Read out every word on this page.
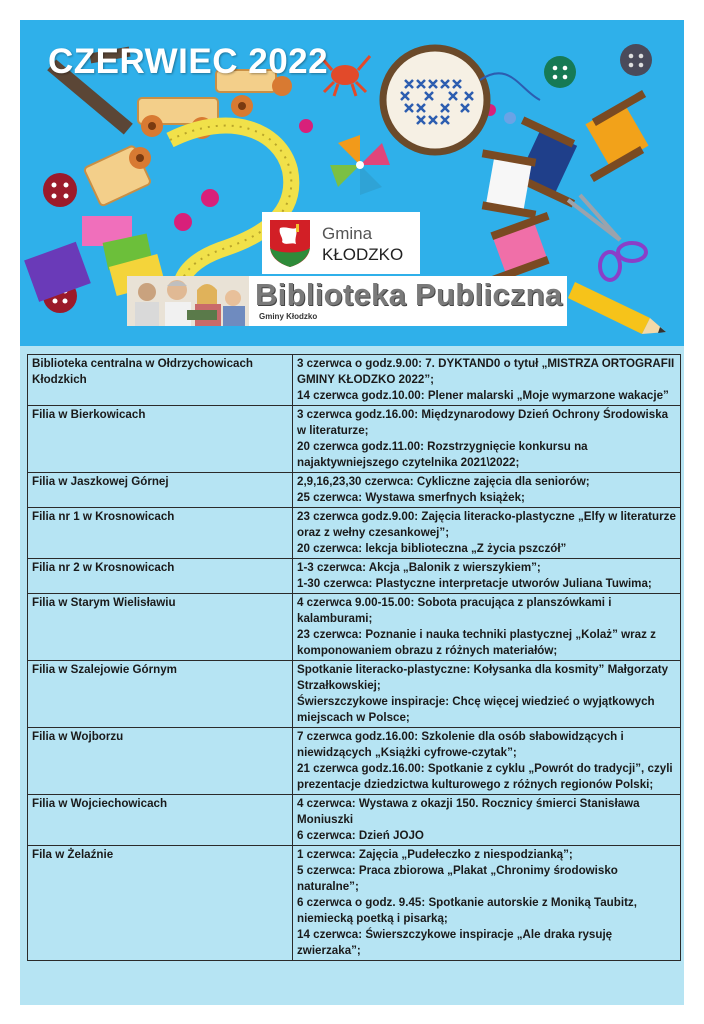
CZERWIEC 2022
Gmina
KŁODZKO
Biblioteka Publiczna
Gminy Kłodzko
Biblioteka centralna w Ołdrzychowicach Kłodzkich	3 czerwca o godz.9.00: 7. DYKTAND0 o tytuł „MISTRZA ORTOGRAFII GMINY KŁODZKO 2022”;
14 czerwca godz.10.00: Plener malarski „Moje wymarzone wakacje”

Filia w Bierkowicach	3 czerwca godz.16.00: Międzynarodowy Dzień Ochrony Środowiska w literaturze;
20 czerwca godz.11.00: Rozstrzygnięcie konkursu na najaktywniejszego czytelnika 2021\2022;

Filia w Jaszkowej Górnej	2,9,16,23,30 czerwca: Cykliczne zajęcia dla seniorów;
25 czerwca: Wystawa smerfnych książek;

Filia nr 1 w Krosnowicach	23 czerwca godz.9.00: Zajęcia literacko-plastyczne „Elfy w literaturze oraz z wełny czesankowej”;
20 czerwca: lekcja biblioteczna „Z życia pszczół”

Filia nr 2 w Krosnowicach	1-3 czerwca: Akcja „Balonik z wierszykiem”;
1-30 czerwca: Plastyczne interpretacje utworów Juliana Tuwima;

Filia w Starym Wielisławiu	4 czerwca 9.00-15.00: Sobota pracująca z planszówkami i kalamburami;
23 czerwca: Poznanie i nauka techniki plastycznej „Kolaż” wraz z komponowaniem obrazu z różnych materiałów;

Filia w Szalejowie Górnym	Spotkanie literacko-plastyczne: Kołysanka dla kosmity” Małgorzaty Strzałkowskiej;
Świerszczykowe inspiracje: Chcę więcej wiedzieć o wyjątkowych miejscach w Polsce;

Filia w Wojborzu	7 czerwca godz.16.00: Szkolenie dla osób słabowidzących i niewidzących „Książki cyfrowe-czytak”;
21 czerwca godz.16.00: Spotkanie z cyklu „Powrót do tradycji”, czyli prezentacje dziedzictwa kulturowego z różnych regionów Polski;

Filia w Wojciechowicach	4 czerwca: Wystawa z okazji 150. Rocznicy śmierci Stanisława Moniuszki
6 czerwca: Dzień JOJO

Fila w Żelaźnie	1 czerwca: Zajęcia „Pudełeczko z niespodzianką”;
5 czerwca: Praca zbiorowa „Plakat „Chronimy środowisko naturalne”;
6 czerwca o godz. 9.45: Spotkanie autorskie z Moniką Taubitz, niemiecką poetką i pisarką;
14 czerwca: Świerszczykowe inspiracje „Ale draka rysuję zwierzaka”;
